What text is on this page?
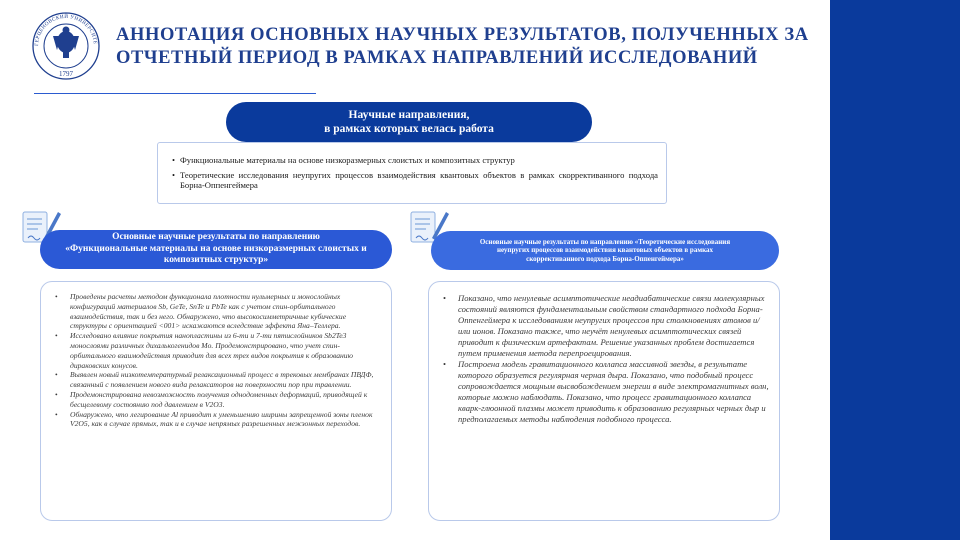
ГЕРЦЕНОВСКИЙ УНИВЕРСИТЕ
1797
АННОТАЦИЯ ОСНОВНЫХ НАУЧНЫХ РЕЗУЛЬТАТОВ, ПОЛУЧЕННЫХ ЗА ОТЧЕТНЫЙ ПЕРИОД В РАМКАХ НАПРАВЛЕНИЙ ИССЛЕДОВАНИЙ
Научные направления,
в рамках которых велась работа
• Функциональные материалы на основе низкоразмерных слоистых и композитных структур
• Теоретические исследования неупругих процессов взаимодействия квантовых объектов в рамках скоррективанного подхода Борна-Оппенгеймера
Основные научные результаты по направлению
«Функциональные материалы на основе низкоразмерных слоистых и композитных структур»
Основные научные результаты по направлению «Теоретические исследования
неупругих процессов взаимодействия квантовых объектов в рамках
скоррективанного подхода Борна-Оппенгеймера»
• Проведены расчеты методом функционала плотности нульмерных и монослойных конфигураций материалов Sb, GeTe, SnTe и PbTe как с учетом спин-орбитального взаимодействия, так и без него. Обнаружено, что высокосимметричные кубические структуры с ориентацией <001> искажаются вследствие эффекта Яна–Теллера.
• Исследовано влияние покрытия нанопластины из 6-ти и 7-ти пятислойников Sb2Te3 монослоями различных дихалькогенидов Mo. Продемонстрировано, что учет спин-орбитального взаимодействия приводит для всех трех видов покрытия к образованию дираковских конусов.
• Выявлен новый низкотемпературный релаксационный процесс в трековых мембранах ПВДФ, связанный с появлением нового вида релаксаторов на поверхности пор при травлении.
• Продемонстрирована невозможность получения однодоменных деформаций, приводящей к бесщелевому состоянию под давлением в V2O3.
• Обнаружено, что легирование Al приводит к уменьшению ширины запрещенной зоны пленок V2O5, как в случае прямых, так и в случае непрямых разрешенных межзонных переходов.
• Показано, что ненулевые асимптотические неадиабатические связи молекулярных состояний являются фундаментальным свойством стандартного подхода Борна-Оппенгеймера к исследованиям неупругих процессов при столкновениях атомов и/или ионов. Показано также, что неучёт ненулевых асимптотических связей приводит к физическим артефактам. Решение указанных проблем достигается путем применения метода перепроецирования.
• Построена модель гравитационного коллапса массивной звезды, в результате которого образуется регулярная черная дыра. Показано, что подобный процесс сопровождается мощным высвобождением энергии в виде электромагнитных волн, которые можно наблюдать. Показано, что процесс гравитационного коллапса кварк-глюонной плазмы может приводить к образованию регулярных черных дыр и предполагаемых методы наблюдения подобного процесса.
